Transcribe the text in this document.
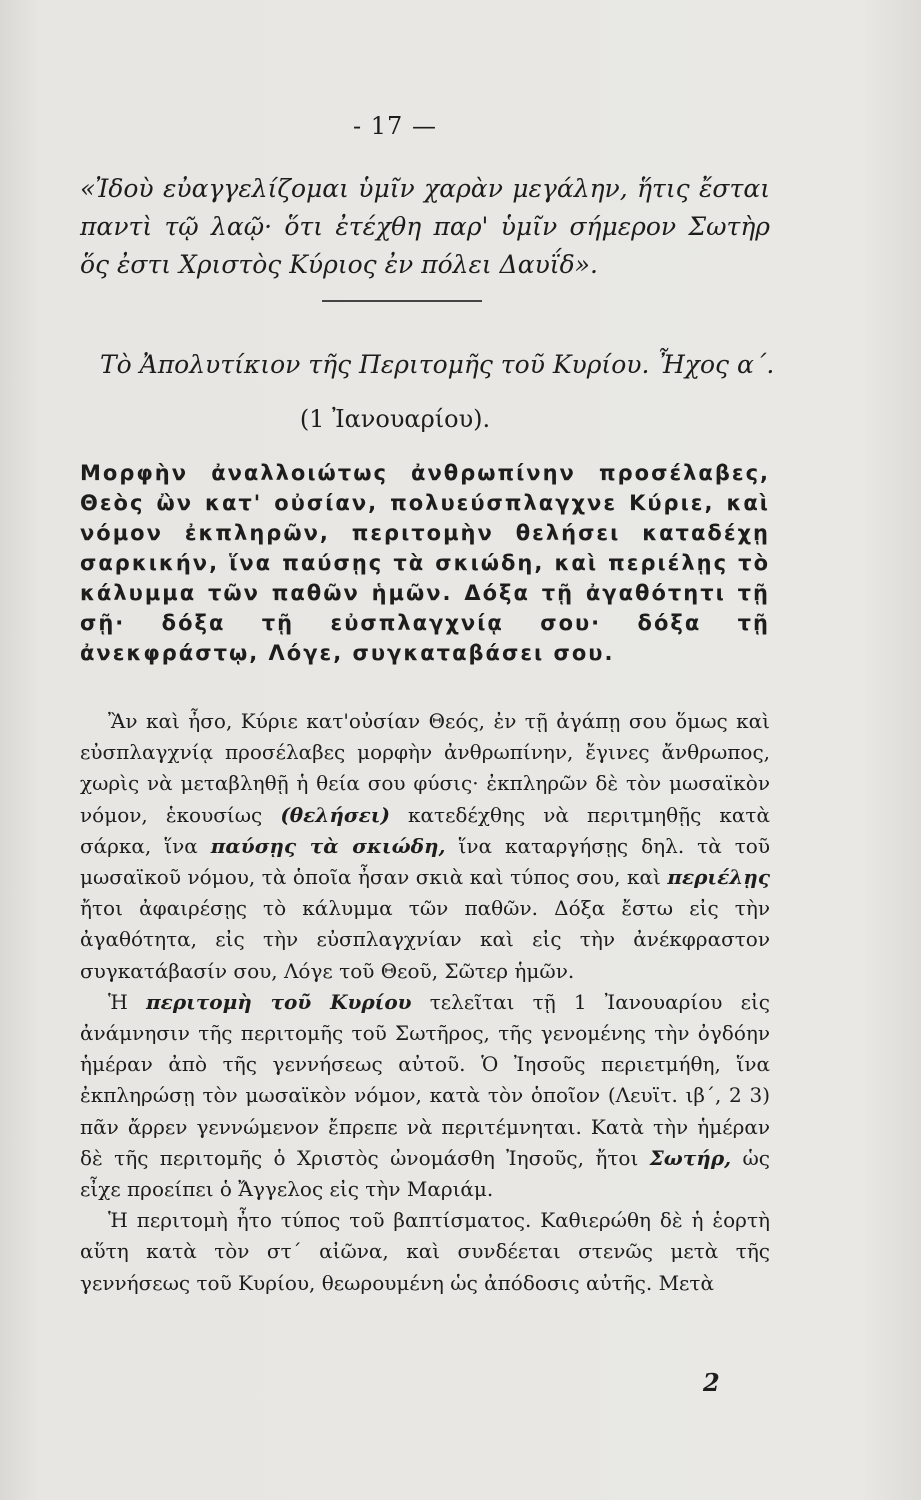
- 17 —
«Ἰδοὺ εὐαγγελίζομαι ὑμῖν χαρὰν μεγάλην, ἥτις ἔσται παντὶ τῷ λαῷ· ὅτι ἐτέχθη παρ' ὑμῖν σήμερον Σωτὴρ ὅς ἐστι Χριστὸς Κύριος ἐν πόλει Δαυΐδ».
Τὸ Ἀπολυτίκιον τῆς Περιτομῆς τοῦ Κυρίου. Ἦχος α΄.
(1 Ἰανουαρίου).
Μορφὴν ἀναλλοιώτως ἀνθρωπίνην προσέλαβες, Θεὸς ὢν κατ' οὐσίαν, πολυεύσπλαγχνε Κύριε, καὶ νόμον ἐκπληρῶν, περιτομὴν θελήσει καταδέχῃ σαρκικήν, ἵνα παύσῃς τὰ σκιώδη, καὶ περιέλῃς τὸ κάλυμμα τῶν παθῶν ἡμῶν. Δόξα τῇ ἀγαθότητι τῇ σῇ· δόξα τῇ εὐσπλαγχνίᾳ σου· δόξα τῇ ἀνεκφράστῳ, Λόγε, συγκαταβάσει σου.

Ἂν καὶ ἦσο, Κύριε κατ'οὐσίαν Θεός, ἐν τῇ ἀγάπῃ σου ὅμως καὶ εὐσπλαγχνίᾳ προσέλαβες μορφὴν ἀνθρωπίνην, ἔγινες ἄνθρωπος, χωρὶς νὰ μεταβληθῇ ἡ θεία σου φύσις· ἐκπληρῶν δὲ τὸν μωσαϊκὸν νόμον, ἑκουσίως (θελήσει) κατεδέχθης νὰ περιτμηθῇς κατὰ σάρκα, ἵνα παύσῃς τὰ σκιώδη, ἵνα καταργήσῃς δηλ. τὰ τοῦ μωσαϊκοῦ νόμου, τὰ ὁποῖα ἦσαν σκιὰ καὶ τύπος σου, καὶ περιέλῃς ἤτοι ἀφαιρέσῃς τὸ κάλυμμα τῶν παθῶν. Δόξα ἔστω εἰς τὴν ἀγαθότητα, εἰς τὴν εὐσπλαγχνίαν καὶ εἰς τὴν ἀνέκφραστον συγκατάβασίν σου, Λόγε τοῦ Θεοῦ, Σῶτερ ἡμῶν.

Ἡ περιτομὴ τοῦ Κυρίου τελεῖται τῇ 1 Ἰανουαρίου εἰς ἀνάμνησιν τῆς περιτομῆς τοῦ Σωτῆρος, τῆς γενομένης τὴν ὀγδόην ἡμέραν ἀπὸ τῆς γεννήσεως αὐτοῦ. Ὁ Ἰησοῦς περιετμήθη, ἵνα ἐκπληρώσῃ τὸν μωσαϊκὸν νόμον, κατὰ τὸν ὁποῖον (Λευϊτ. ιβ΄, 2 3) πᾶν ἄρρεν γεννώμενον ἔπρεπε νὰ περιτέμνηται. Κατὰ τὴν ἡμέραν δὲ τῆς περιτομῆς ὁ Χριστὸς ὠνομάσθη Ἰησοῦς, ἤτοι Σωτήρ, ὡς εἶχε προείπει ὁ Ἄγγελος εἰς τὴν Μαριάμ.

Ἡ περιτομὴ ἦτο τύπος τοῦ βαπτίσματος. Καθιερώθη δὲ ἡ ἑορτὴ αὕτη κατὰ τὸν στ΄ αἰῶνα, καὶ συνδέεται στενῶς μετὰ τῆς γεννήσεως τοῦ Κυρίου, θεωρουμένη ὡς ἀπόδοσις αὐτῆς. Μετὰ

2
